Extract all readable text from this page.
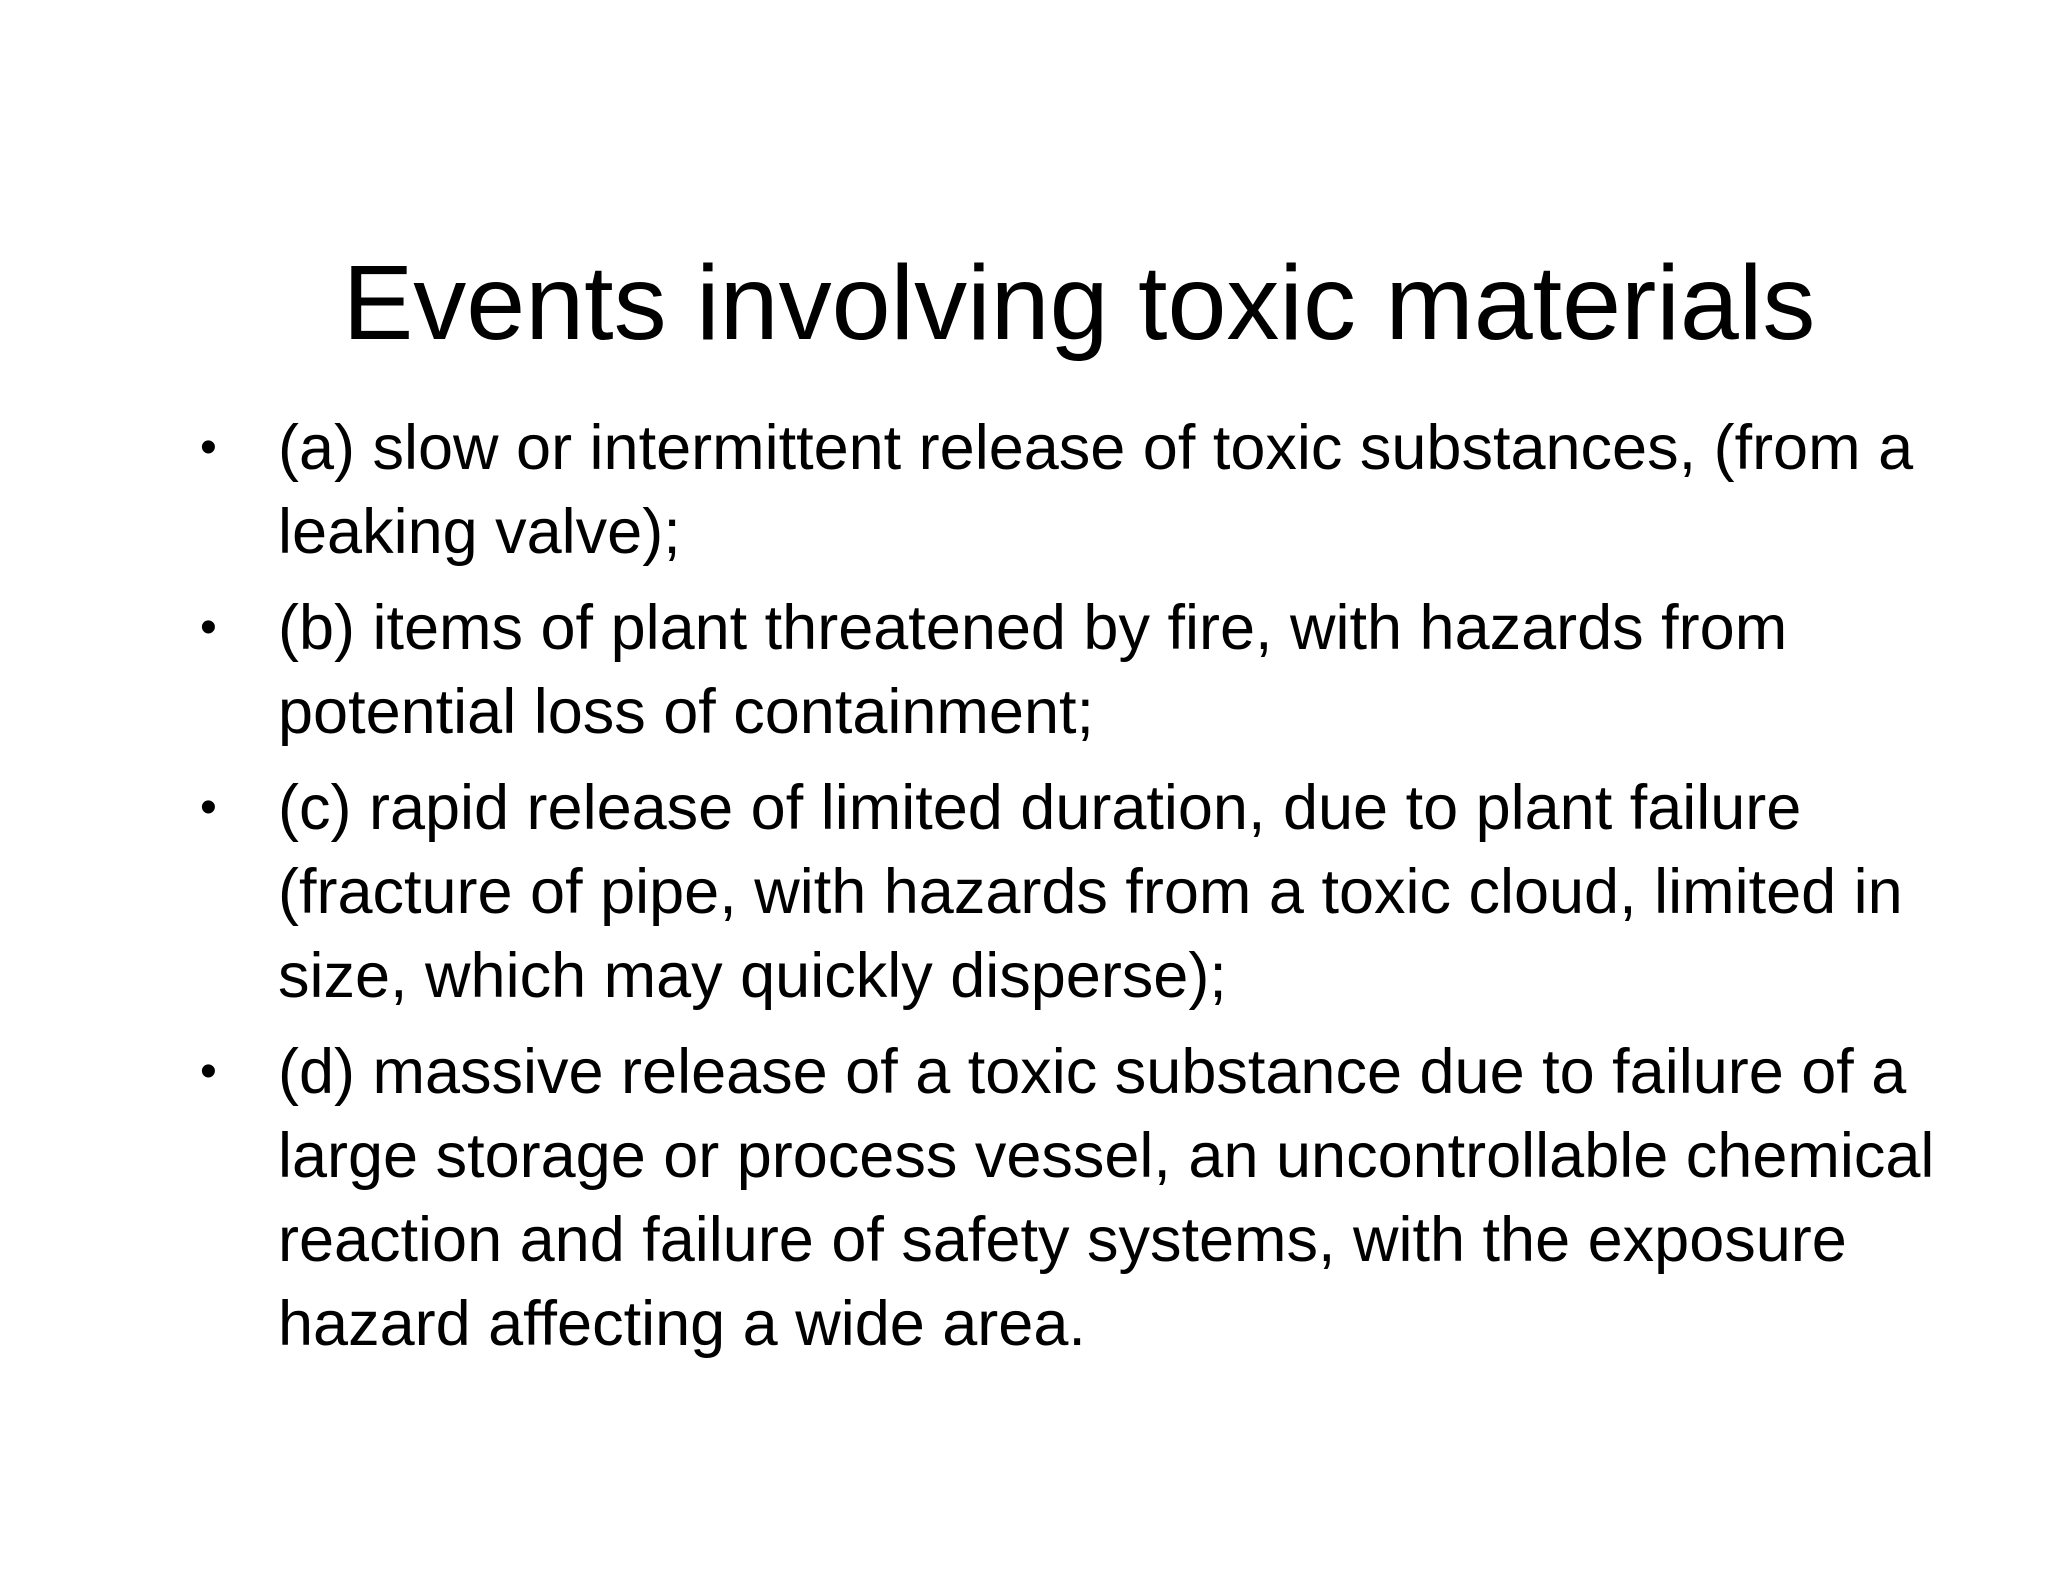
Events involving toxic materials
• (a) slow or intermittent release of toxic substances, (from a leaking valve);
• (b) items of plant threatened by fire, with hazards from potential loss of containment;
• (c) rapid release of limited duration, due to plant failure (fracture of pipe, with hazards from a toxic cloud, limited in size, which may quickly disperse);
• (d) massive release of a toxic substance due to failure of a large storage or process vessel, an uncontrollable chemical reaction and failure of safety systems, with the exposure hazard affecting a wide area.
